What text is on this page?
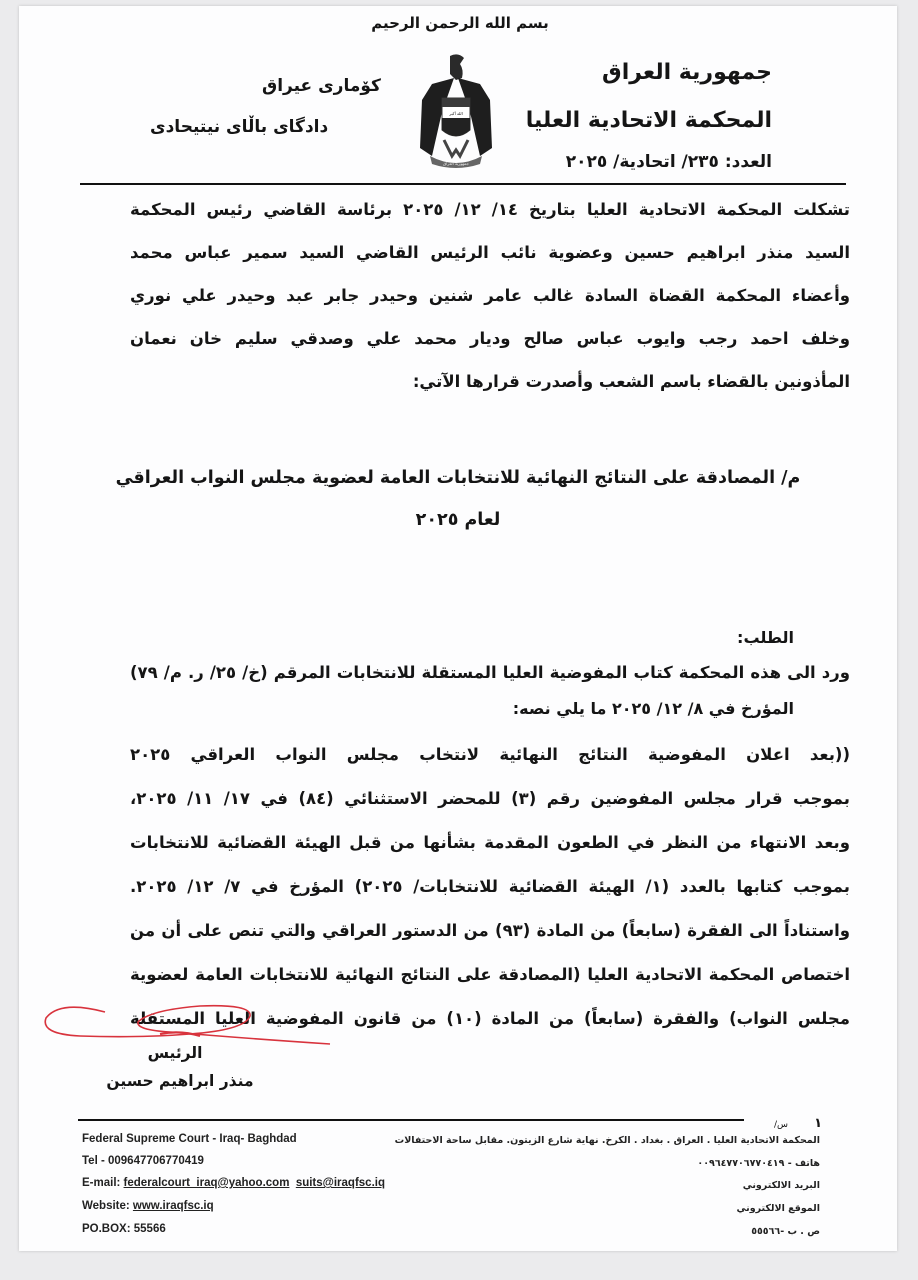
بسم الله الرحمن الرحيم
جمهورية العراق
المحكمة الاتحادية العليا
العدد: ٢٣٥/ اتحادية/ ٢٠٢٥
كۆمارى عيراق
دادگای باڵای نیتیحادی
الله أكبر
جمهورية العراق
تشكلت المحكمة الاتحادية العليا بتاريخ ١٤/ ١٢/ ٢٠٢٥ برئاسة القاضي رئيس المحكمة
السيد منذر ابراهيم حسين وعضوية نائب الرئيس القاضي السيد سمير عباس محمد
وأعضاء المحكمة القضاة السادة غالب عامر شنين وحيدر جابر عبد وحيدر علي نوري
وخلف احمد رجب وايوب عباس صالح وديار محمد علي وصدقي سليم خان نعمان
المأذونين بالقضاء باسم الشعب وأصدرت قرارها الآتي:
م/ المصادقة على النتائج النهائية للانتخابات العامة لعضوية مجلس النواب العراقي
لعام ٢٠٢٥
الطلب:
ورد الى هذه المحكمة كتاب المفوضية العليا المستقلة للانتخابات المرقم (خ/ ٢٥/ ر. م/ ٧٩)
المؤرخ في ٨/ ١٢/ ٢٠٢٥ ما يلي نصه:
((بعد اعلان المفوضية النتائج النهائية لانتخاب مجلس النواب العراقي ٢٠٢٥
بموجب قرار مجلس المفوضين رقم (٣) للمحضر الاستثنائي (٨٤) في ١٧/ ١١/ ٢٠٢٥،
وبعد الانتهاء من النظر في الطعون المقدمة بشأنها من قبل الهيئة القضائية للانتخابات
بموجب كتابها بالعدد (١/ الهيئة القضائية للانتخابات/ ٢٠٢٥) المؤرخ في ٧/ ١٢/ ٢٠٢٥.
واستناداً الى الفقرة (سابعاً) من المادة (٩٣) من الدستور العراقي والتي تنص على أن من
اختصاص المحكمة الاتحادية العليا (المصادقة على النتائج النهائية للانتخابات العامة لعضوية
مجلس النواب) والفقرة (سابعاً) من المادة (١٠) من قانون المفوضية العليا المستقلة
الرئيس
منذر ابراهيم حسين
١
س/
Federal Supreme Court - Iraq- Baghdad
Tel - 009647706770419
E-mail: federalcourt_iraq@yahoo.com suits@iraqfsc.iq
Website: www.iraqfsc.iq
PO.BOX: 55566
المحكمة الاتحادية العليا . العراق . بغداد . الكرخ. نهاية شارع الزيتون. مقابل ساحة الاحتفالات
هاتف - ٠٠٩٦٤٧٧٠٦٧٧٠٤١٩
البريد الالكتروني
الموقع الالكتروني
ص . ب -٥٥٥٦٦
